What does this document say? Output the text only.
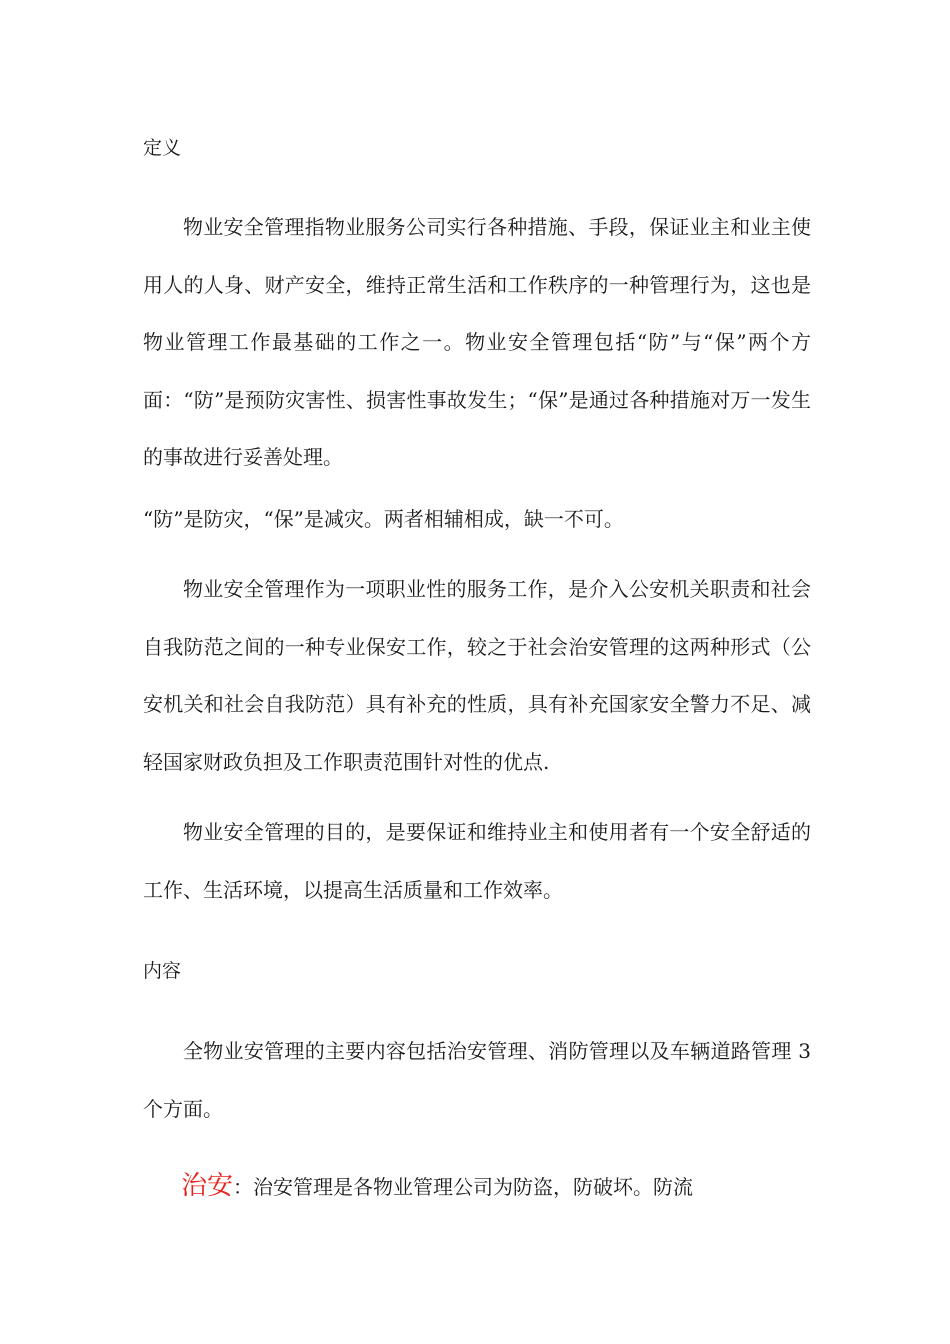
定义

物业安全管理指物业服务公司实行各种措施、手段，保证业主和业主使用人的人身、财产安全，维持正常生活和工作秩序的一种管理行为，这也是物业管理工作最基础的工作之一。物业安全管理包括“防”与“保”两个方面：“防”是预防灾害性、损害性事故发生；“保”是通过各种措施对万一发生的事故进行妥善处理。

“防”是防灾，“保”是减灾。两者相辅相成，缺一不可。

物业安全管理作为一项职业性的服务工作，是介入公安机关职责和社会自我防范之间的一种专业保安工作，较之于社会治安管理的这两种形式（公安机关和社会自我防范）具有补充的性质，具有补充国家安全警力不足、减轻国家财政负担及工作职责范围针对性的优点.

物业安全管理的目的，是要保证和维持业主和使用者有一个安全舒适的工作、生活环境，以提高生活质量和工作效率。

内容

全物业安管理的主要内容包括治安管理、消防管理以及车辆道路管理 3 个方面。

治安：治安管理是各物业管理公司为防盗，防破坏。防流
